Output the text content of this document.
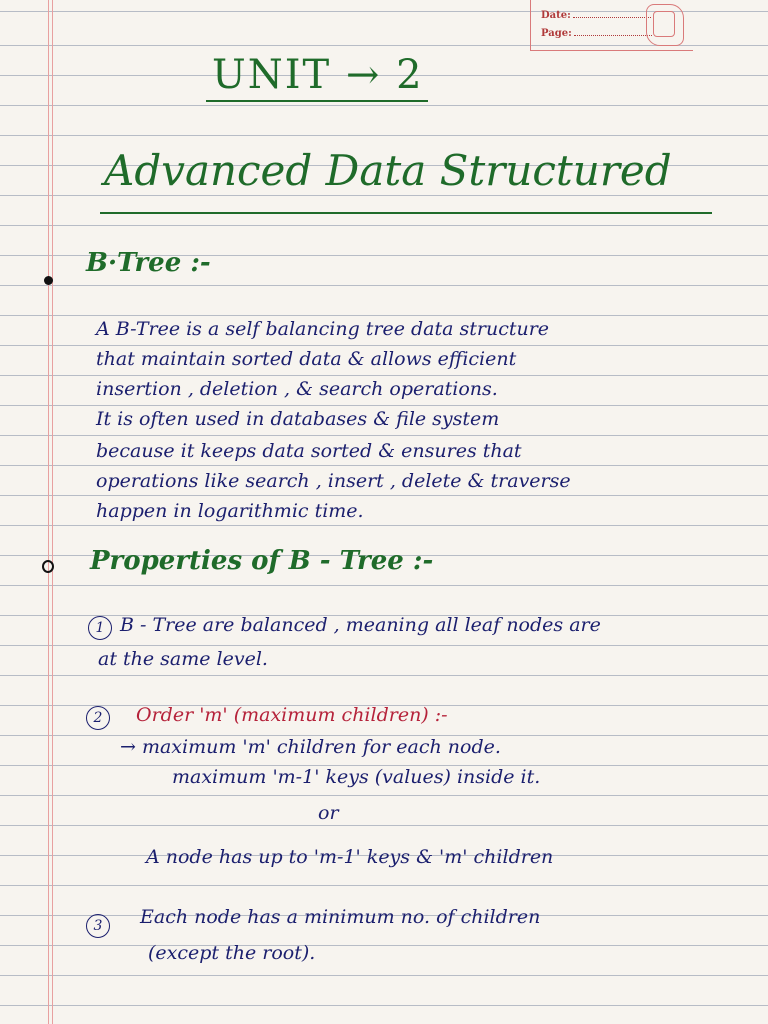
Date:
Page:
UNIT → 2
Advanced Data Structured
B·Tree :-
A B-Tree is a self balancing tree data structure
that maintain sorted data & allows efficient
insertion , deletion , & search operations.
It is often used in databases & file system
because it keeps data sorted & ensures that
operations like search , insert , delete & traverse
happen in logarithmic time.
Properties of B - Tree :-
1 B - Tree are balanced , meaning all leaf nodes are
at the same level.
2	Order 'm' (maximum children) :-
→ maximum 'm' children for each node.
maximum 'm-1' keys (values) inside it.
or
A node has up to 'm-1' keys & 'm' children
3	Each node has a minimum no. of children
(except the root).
